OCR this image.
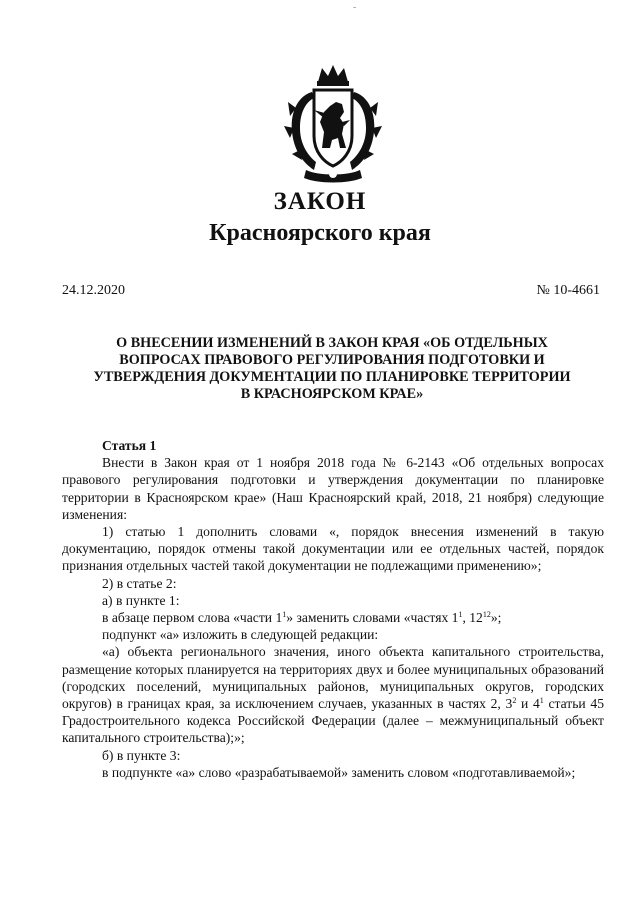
-
ЗАКОН
Красноярского края
24.12.2020	№ 10-4661
О ВНЕСЕНИИ ИЗМЕНЕНИЙ В ЗАКОН КРАЯ «ОБ ОТДЕЛЬНЫХ
ВОПРОСАХ ПРАВОВОГО РЕГУЛИРОВАНИЯ ПОДГОТОВКИ И
УТВЕРЖДЕНИЯ ДОКУМЕНТАЦИИ ПО ПЛАНИРОВКЕ ТЕРРИТОРИИ
В КРАСНОЯРСКОМ КРАЕ»

Статья 1

Внести в Закон края от 1 ноября 2018 года № 6-2143 «Об отдельных вопросах правового регулирования подготовки и утверждения документации по планировке территории в Красноярском крае» (Наш Красноярский край, 2018, 21 ноября) следующие изменения:

1) статью 1 дополнить словами «, порядок внесения изменений в такую документацию, порядок отмены такой документации или ее отдельных частей, порядок признания отдельных частей такой документации не подлежащими применению»;

2) в статье 2:

а) в пункте 1:

в абзаце первом слова «части $1^1$» заменить словами «частях $1^1$, $12^{12}$»;

подпункт «а» изложить в следующей редакции:

«а) объекта регионального значения, иного объекта капитального строительства, размещение которых планируется на территориях двух и более муниципальных образований (городских поселений, муниципальных районов, муниципальных округов, городских округов) в границах края, за исключением случаев, указанных в частях 2, $3^2$ и $4^1$ статьи 45 Градостроительного кодекса Российской Федерации (далее – межмуниципальный объект капитального строительства);»;

б) в пункте 3:

в подпункте «а» слово «разрабатываемой» заменить словом «подготавливаемой»;
